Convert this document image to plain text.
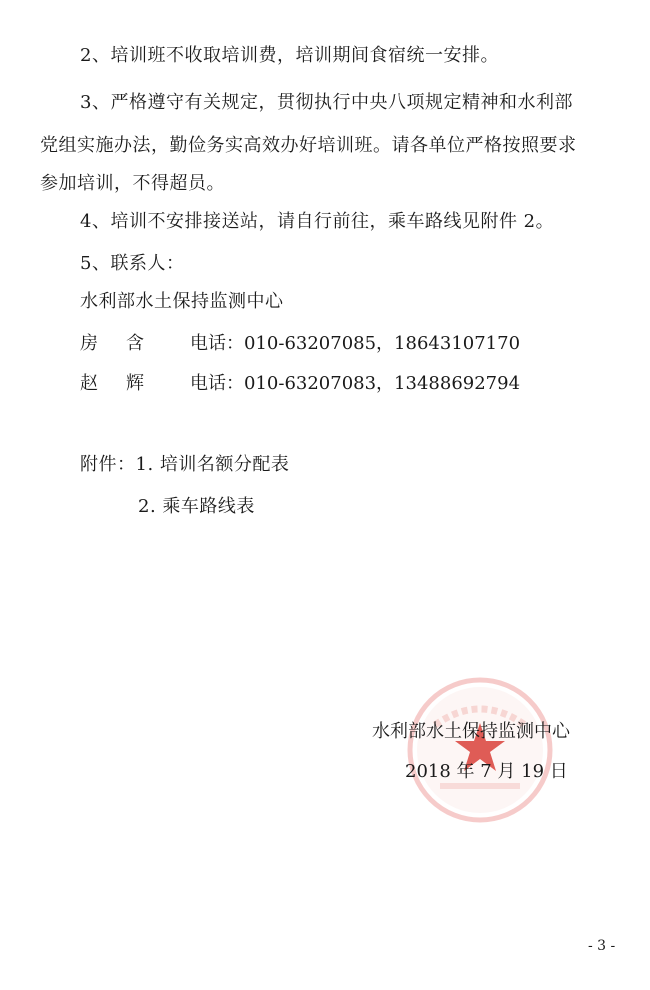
2、培训班不收取培训费，培训期间食宿统一安排。
3、严格遵守有关规定，贯彻执行中央八项规定精神和水利部
党组实施办法，勤俭务实高效办好培训班。请各单位严格按照要求
参加培训，不得超员。
4、培训不安排接送站，请自行前往，乘车路线见附件 2。
5、联系人：
水利部水土保持监测中心
房含 电话：010-63207085，18643107170
赵辉 电话：010-63207083，13488692794
附件：1. 培训名额分配表
2. 乘车路线表
水利部水土保持监测中心
2018 年 7 月 19 日
- 3 -
